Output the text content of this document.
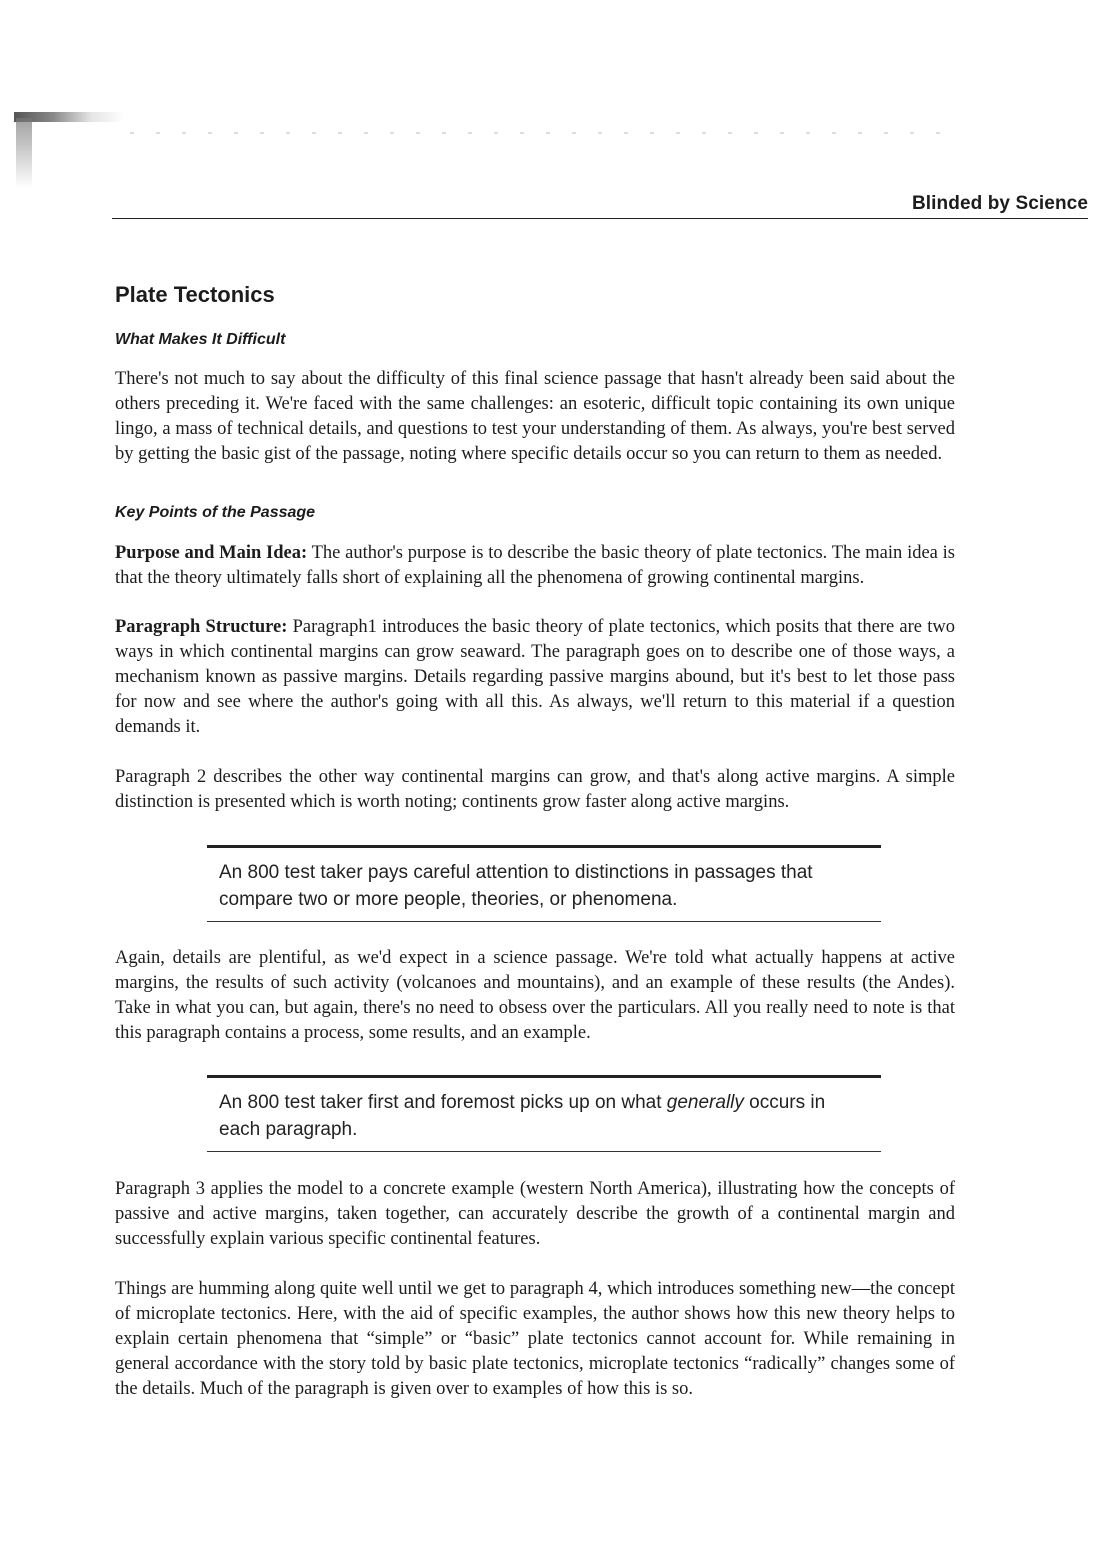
Blinded by Science
Plate Tectonics
What Makes It Difficult

There's not much to say about the difficulty of this final science passage that hasn't already been said about the others preceding it. We're faced with the same challenges: an esoteric, difficult topic containing its own unique lingo, a mass of technical details, and questions to test your understanding of them. As always, you're best served by getting the basic gist of the passage, noting where specific details occur so you can return to them as needed.

Key Points of the Passage

Purpose and Main Idea: The author's purpose is to describe the basic theory of plate tectonics. The main idea is that the theory ultimately falls short of explaining all the phenomena of growing continental margins.

Paragraph Structure: Paragraph1 introduces the basic theory of plate tectonics, which posits that there are two ways in which continental margins can grow seaward. The paragraph goes on to describe one of those ways, a mechanism known as passive margins. Details regarding passive margins abound, but it's best to let those pass for now and see where the author's going with all this. As always, we'll return to this material if a question demands it.

Paragraph 2 describes the other way continental margins can grow, and that's along active margins. A simple distinction is presented which is worth noting; continents grow faster along active margins.

An 800 test taker pays careful attention to distinctions in passages that compare two or more people, theories, or phenomena.

Again, details are plentiful, as we'd expect in a science passage. We're told what actually happens at active margins, the results of such activity (volcanoes and mountains), and an example of these results (the Andes). Take in what you can, but again, there's no need to obsess over the particulars. All you really need to note is that this paragraph contains a process, some results, and an example.

An 800 test taker first and foremost picks up on what generally occurs in each paragraph.

Paragraph 3 applies the model to a concrete example (western North America), illustrating how the concepts of passive and active margins, taken together, can accurately describe the growth of a continental margin and successfully explain various specific continental features.

Things are humming along quite well until we get to paragraph 4, which introduces something new—the concept of microplate tectonics. Here, with the aid of specific examples, the author shows how this new theory helps to explain certain phenomena that “simple” or “basic” plate tectonics cannot account for. While remaining in general accordance with the story told by basic plate tectonics, microplate tectonics “radically” changes some of the details. Much of the paragraph is given over to examples of how this is so.
